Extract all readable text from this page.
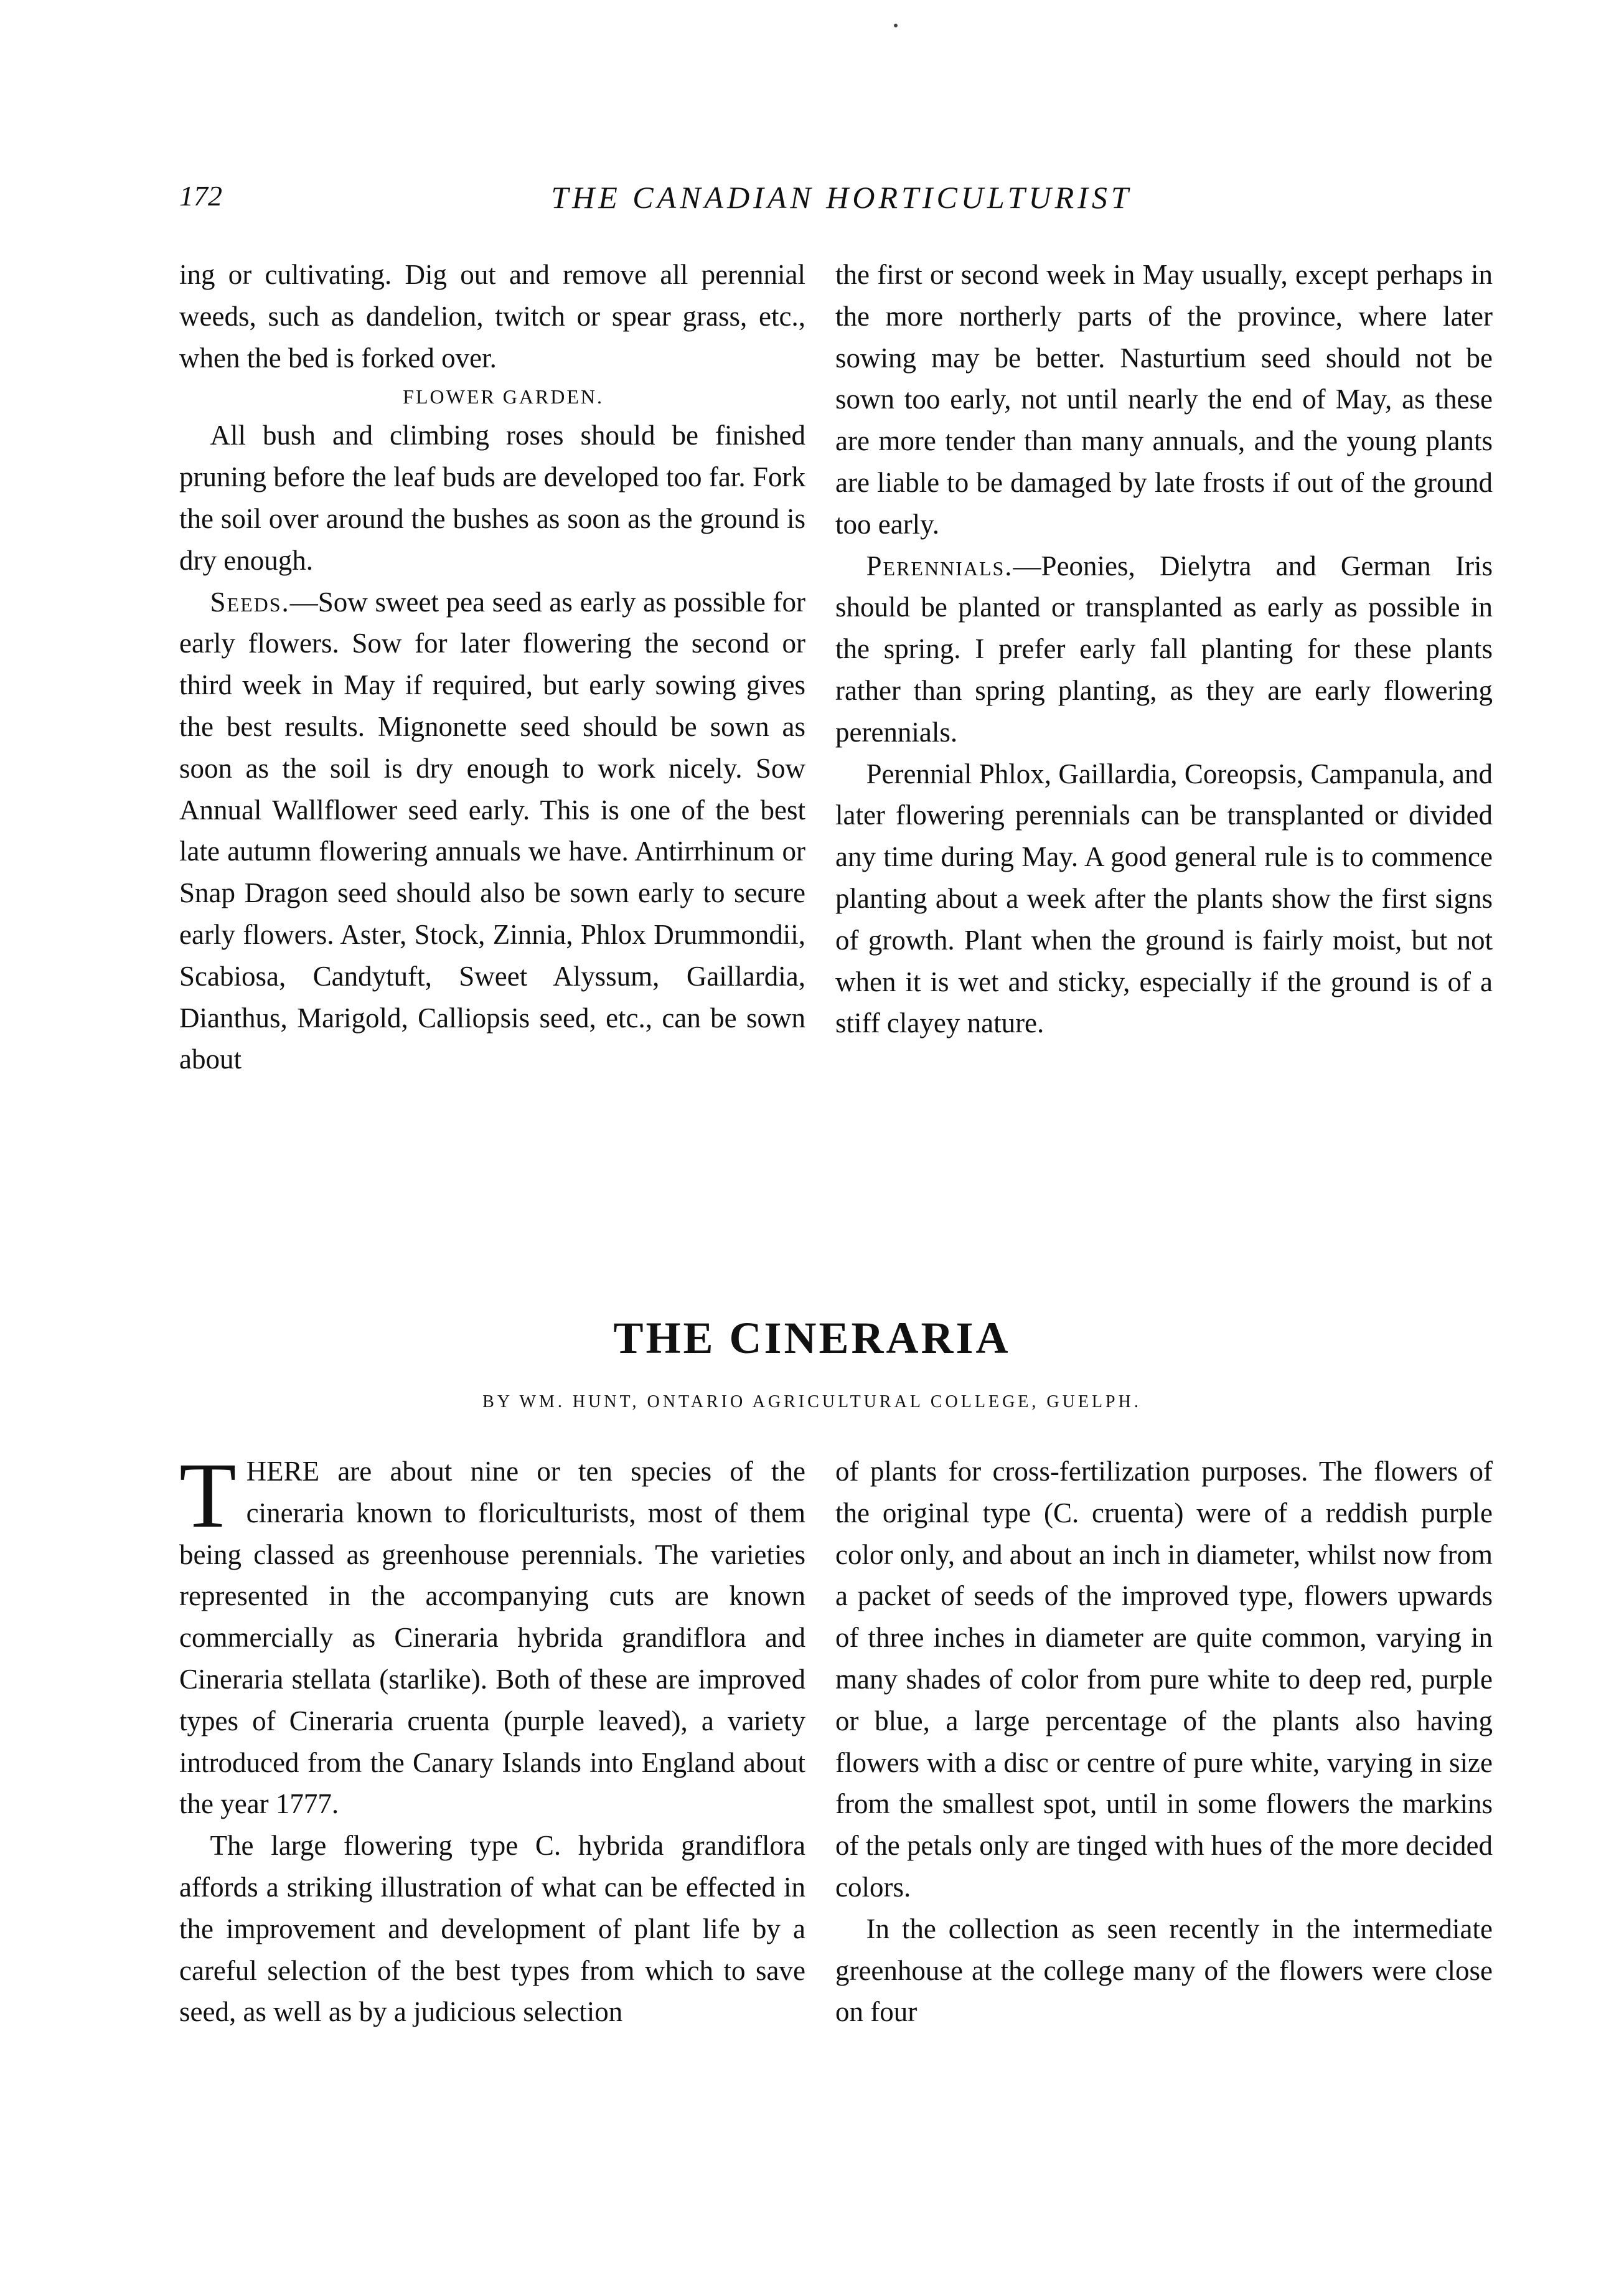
172	THE CANADIAN HORTICULTURIST

ing or cultivating. Dig out and remove all perennial weeds, such as dandelion, twitch or spear grass, etc., when the bed is forked over.

FLOWER GARDEN.

All bush and climbing roses should be finished pruning before the leaf buds are developed too far. Fork the soil over around the bushes as soon as the ground is dry enough.

Seeds.—Sow sweet pea seed as early as possible for early flowers. Sow for later flowering the second or third week in May if required, but early sowing gives the best results. Mignonette seed should be sown as soon as the soil is dry enough to work nicely. Sow Annual Wallflower seed early. This is one of the best late autumn flowering annuals we have. Antirrhinum or Snap Dragon seed should also be sown early to secure early flowers. Aster, Stock, Zinnia, Phlox Drummondii, Scabiosa, Candytuft, Sweet Alyssum, Gaillardia, Dianthus, Marigold, Calliopsis seed, etc., can be sown about

the first or second week in May usually, except perhaps in the more northerly parts of the province, where later sowing may be better. Nasturtium seed should not be sown too early, not until nearly the end of May, as these are more tender than many annuals, and the young plants are liable to be damaged by late frosts if out of the ground too early.

Perennials.—Peonies, Dielytra and German Iris should be planted or transplanted as early as possible in the spring. I prefer early fall planting for these plants rather than spring planting, as they are early flowering perennials.

Perennial Phlox, Gaillardia, Coreopsis, Campanula, and later flowering perennials can be transplanted or divided any time during May. A good general rule is to commence planting about a week after the plants show the first signs of growth. Plant when the ground is fairly moist, but not when it is wet and sticky, especially if the ground is of a stiff clayey nature.

THE CINERARIA
BY WM. HUNT, ONTARIO AGRICULTURAL COLLEGE, GUELPH.

THERE are about nine or ten species of the cineraria known to floriculturists, most of them being classed as greenhouse perennials. The varieties represented in the accompanying cuts are known commercially as Cineraria hybrida grandiflora and Cineraria stellata (starlike). Both of these are improved types of Cineraria cruenta (purple leaved), a variety introduced from the Canary Islands into England about the year 1777.

The large flowering type C. hybrida grandiflora affords a striking illustration of what can be effected in the improvement and development of plant life by a careful selection of the best types from which to save seed, as well as by a judicious selection

of plants for cross-fertilization purposes. The flowers of the original type (C. cruenta) were of a reddish purple color only, and about an inch in diameter, whilst now from a packet of seeds of the improved type, flowers upwards of three inches in diameter are quite common, varying in many shades of color from pure white to deep red, purple or blue, a large percentage of the plants also having flowers with a disc or centre of pure white, varying in size from the smallest spot, until in some flowers the markins of the petals only are tinged with hues of the more decided colors.

In the collection as seen recently in the intermediate greenhouse at the college many of the flowers were close on four
